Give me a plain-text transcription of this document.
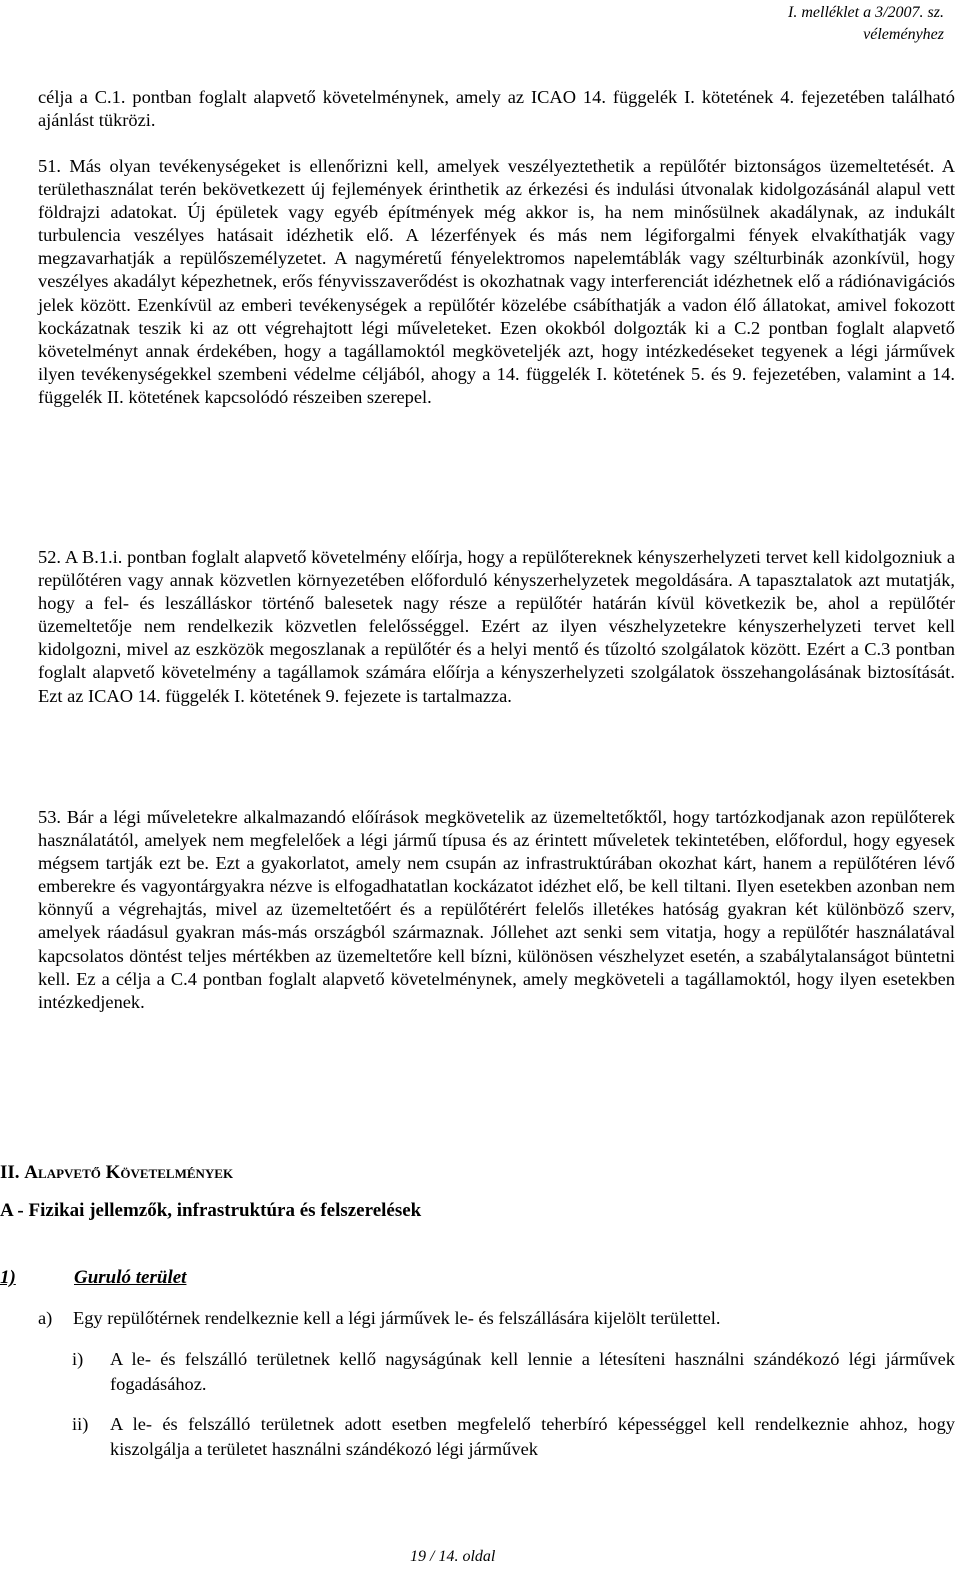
I. melléklet a 3/2007. sz.
véleményhez

célja a C.1. pontban foglalt alapvető követelménynek, amely az ICAO 14. függelék I. kötetének 4. fejezetében található ajánlást tükrözi.

51. Más olyan tevékenységeket is ellenőrizni kell, amelyek veszélyeztethetik a repülőtér biztonságos üzemeltetését. A területhasználat terén bekövetkezett új fejlemények érinthetik az érkezési és indulási útvonalak kidolgozásánál alapul vett földrajzi adatokat. Új épületek vagy egyéb építmények még akkor is, ha nem minősülnek akadálynak, az indukált turbulencia veszélyes hatásait idézhetik elő. A lézerfények és más nem légiforgalmi fények elvakíthatják vagy megzavarhatják a repülőszemélyzetet. A nagyméretű fényelektromos napelemtáblák vagy szélturbinák azonkívül, hogy veszélyes akadályt képezhetnek, erős fényvisszaverődést is okozhatnak vagy interferenciát idézhetnek elő a rádiónavigációs jelek között. Ezenkívül az emberi tevékenységek a repülőtér közelébe csábíthatják a vadon élő állatokat, amivel fokozott kockázatnak teszik ki az ott végrehajtott légi műveleteket. Ezen okokból dolgozták ki a C.2 pontban foglalt alapvető követelményt annak érdekében, hogy a tagállamoktól megköveteljék azt, hogy intézkedéseket tegyenek a légi járművek ilyen tevékenységekkel szembeni védelme céljából, ahogy a 14. függelék I. kötetének 5. és 9. fejezetében, valamint a 14. függelék II. kötetének kapcsolódó részeiben szerepel.

52. A B.1.i. pontban foglalt alapvető követelmény előírja, hogy a repülőtereknek kényszerhelyzeti tervet kell kidolgozniuk a repülőtéren vagy annak közvetlen környezetében előforduló kényszerhelyzetek megoldására. A tapasztalatok azt mutatják, hogy a fel- és leszálláskor történő balesetek nagy része a repülőtér határán kívül következik be, ahol a repülőtér üzemeltetője nem rendelkezik közvetlen felelősséggel. Ezért az ilyen vészhelyzetekre kényszerhelyzeti tervet kell kidolgozni, mivel az eszközök megoszlanak a repülőtér és a helyi mentő és tűzoltó szolgálatok között. Ezért a C.3 pontban foglalt alapvető követelmény a tagállamok számára előírja a kényszerhelyzeti szolgálatok összehangolásának biztosítását. Ezt az ICAO 14. függelék I. kötetének 9. fejezete is tartalmazza.

53. Bár a légi műveletekre alkalmazandó előírások megkövetelik az üzemeltetőktől, hogy tartózkodjanak azon repülőterek használatától, amelyek nem megfelelőek a légi jármű típusa és az érintett műveletek tekintetében, előfordul, hogy egyesek mégsem tartják ezt be. Ezt a gyakorlatot, amely nem csupán az infrastruktúrában okozhat kárt, hanem a repülőtéren lévő emberekre és vagyontárgyakra nézve is elfogadhatatlan kockázatot idézhet elő, be kell tiltani. Ilyen esetekben azonban nem könnyű a végrehajtás, mivel az üzemeltetőért és a repülőtérért felelős illetékes hatóság gyakran két különböző szerv, amelyek ráadásul gyakran más-más országból származnak. Jóllehet azt senki sem vitatja, hogy a repülőtér használatával kapcsolatos döntést teljes mértékben az üzemeltetőre kell bízni, különösen vészhelyzet esetén, a szabálytalanságot büntetni kell. Ez a célja a C.4 pontban foglalt alapvető követelménynek, amely megköveteli a tagállamoktól, hogy ilyen esetekben intézkedjenek.
II. Alapvető Követelmények
A - Fizikai jellemzők, infrastruktúra és felszerelések
1)	Guruló terület
a) Egy repülőtérnek rendelkeznie kell a légi járművek le- és felszállására kijelölt területtel.
i) A le- és felszálló területnek kellő nagyságúnak kell lennie a létesíteni használni szándékozó légi járművek fogadásához.
ii) A le- és felszálló területnek adott esetben megfelelő teherbíró képességgel kell rendelkeznie ahhoz, hogy kiszolgálja a területet használni szándékozó légi járművek
19 / 14. oldal
